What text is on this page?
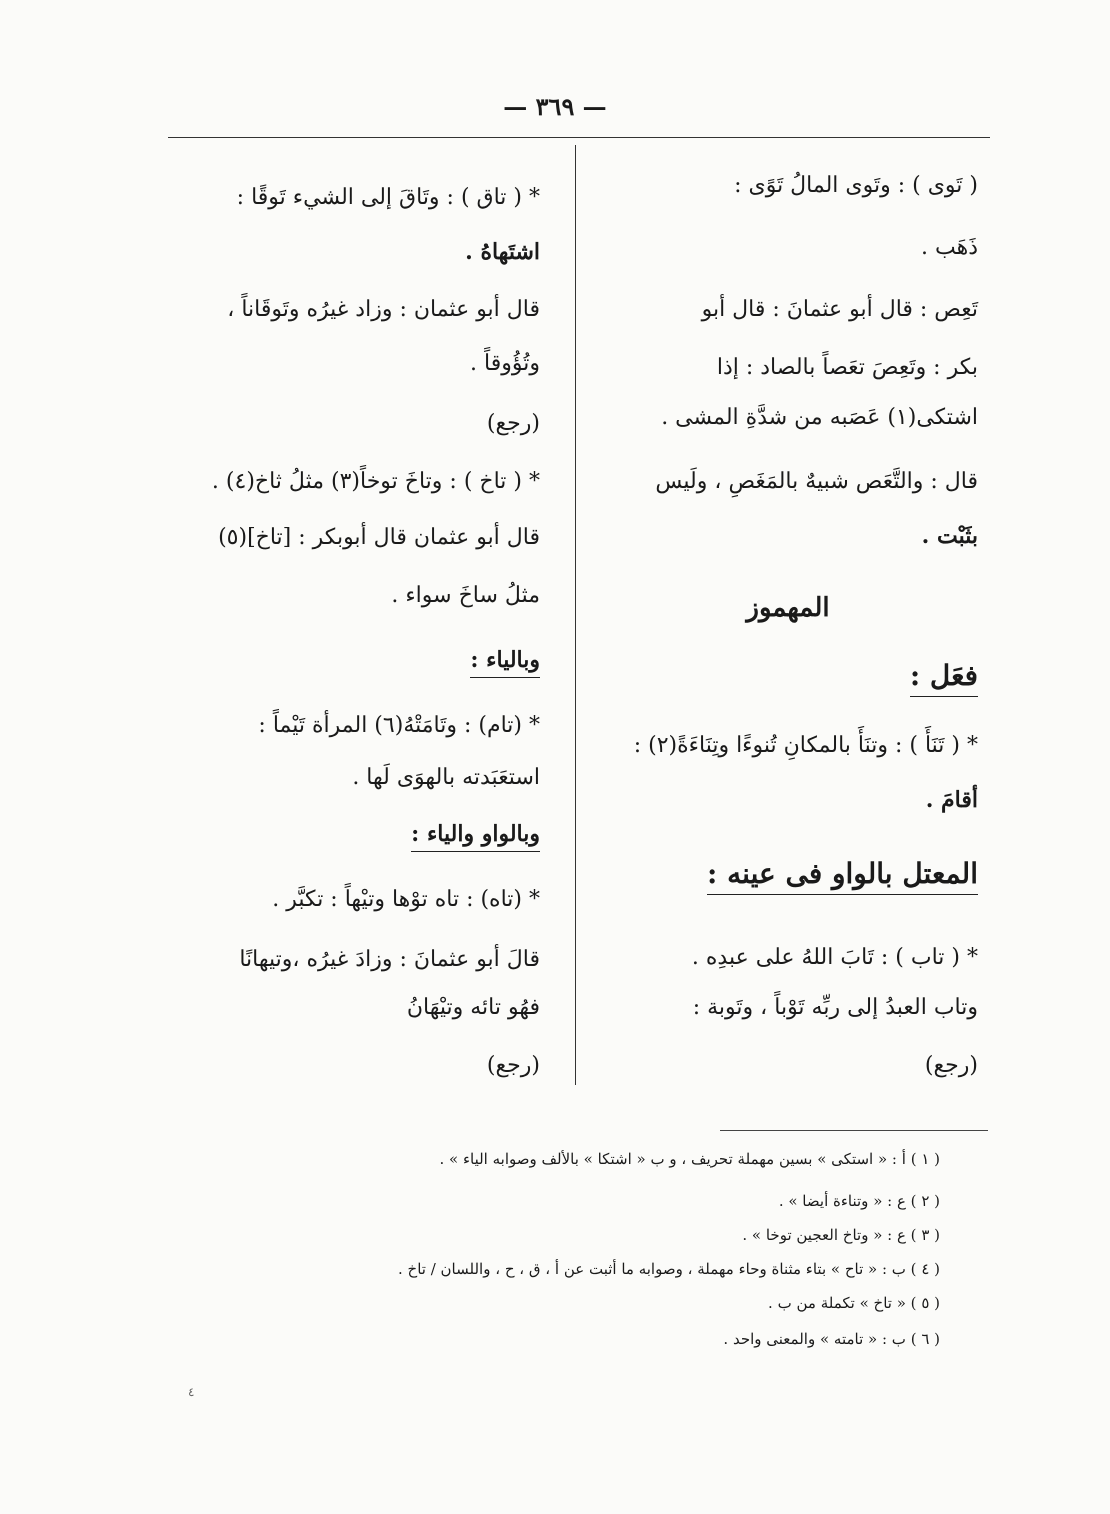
— ٣٦٩ —
( تَوى ) : وتَوى المالُ تَوًى :
ذَهَب .
تَعِص : قال أبو عثمانَ : قال أبو
بكر : وتَعِصَ تعَصاً بالصاد : إذا
اشتكى(١) عَصَبه من شدَّةِ المشى .
قال : والتَّعَص شبيهٌ بالمَغَصِ ، ولَيس
بثَبْت .
المهموز
فعَل :
* ( تَنَأَ ) : وتنَأَ بالمكانِ تُنوءًا وتِنَاءَةً(٢) :
أقامَ .
المعتل بالواو فى عينه :
* ( تاب ) : تَابَ اللهُ على عبدِه .
وتاب العبدُ إلى ربِّه تَوْباً ، وتَوبة :
(رجع)
* ( تاق ) : وتَاقَ إلى الشيء تَوقًا :
اشتَهاهُ .
قال أبو عثمان : وزاد غيرُه وتَوقَاناً ،
وتُؤُوقاً .
(رجع)
* ( تاخ ) : وتاخَ توخاً(٣) مثلُ ثاخ(٤) .
قال أبو عثمان قال أبوبكر : [تاخ](٥)
مثلُ ساخَ سواء .
وبالياء :
* (تام) : وتَامَتْهُ(٦) المرأة تَيْماً :
استعَبَدته بالهوَى لَها .
وبالواو والياء :
* (تاه) : تاه توْها وتيْهاً : تكبَّر .
قالَ أبو عثمانَ : وزادَ غيرُه ،وتيهانًا
فهُو تائه وتيْهَانُ
(رجع)
( ١ ) أ : « استكى » بسين مهملة تحريف ، و ب « اشتكا » بالألف وصوابه الياء » .
( ٢ ) ع : « وتناءة أيضا » .
( ٣ ) ع : « وتاخ العجين توخا » .
( ٤ ) ب : « تاح » بتاء مثناة وحاء مهملة ، وصوابه ما أثبت عن أ ، ق ، ح ، واللسان / تاخ .
( ٥ ) « تاخ » تكملة من ب .
( ٦ ) ب : « تامته » والمعنى واحد .
٤
